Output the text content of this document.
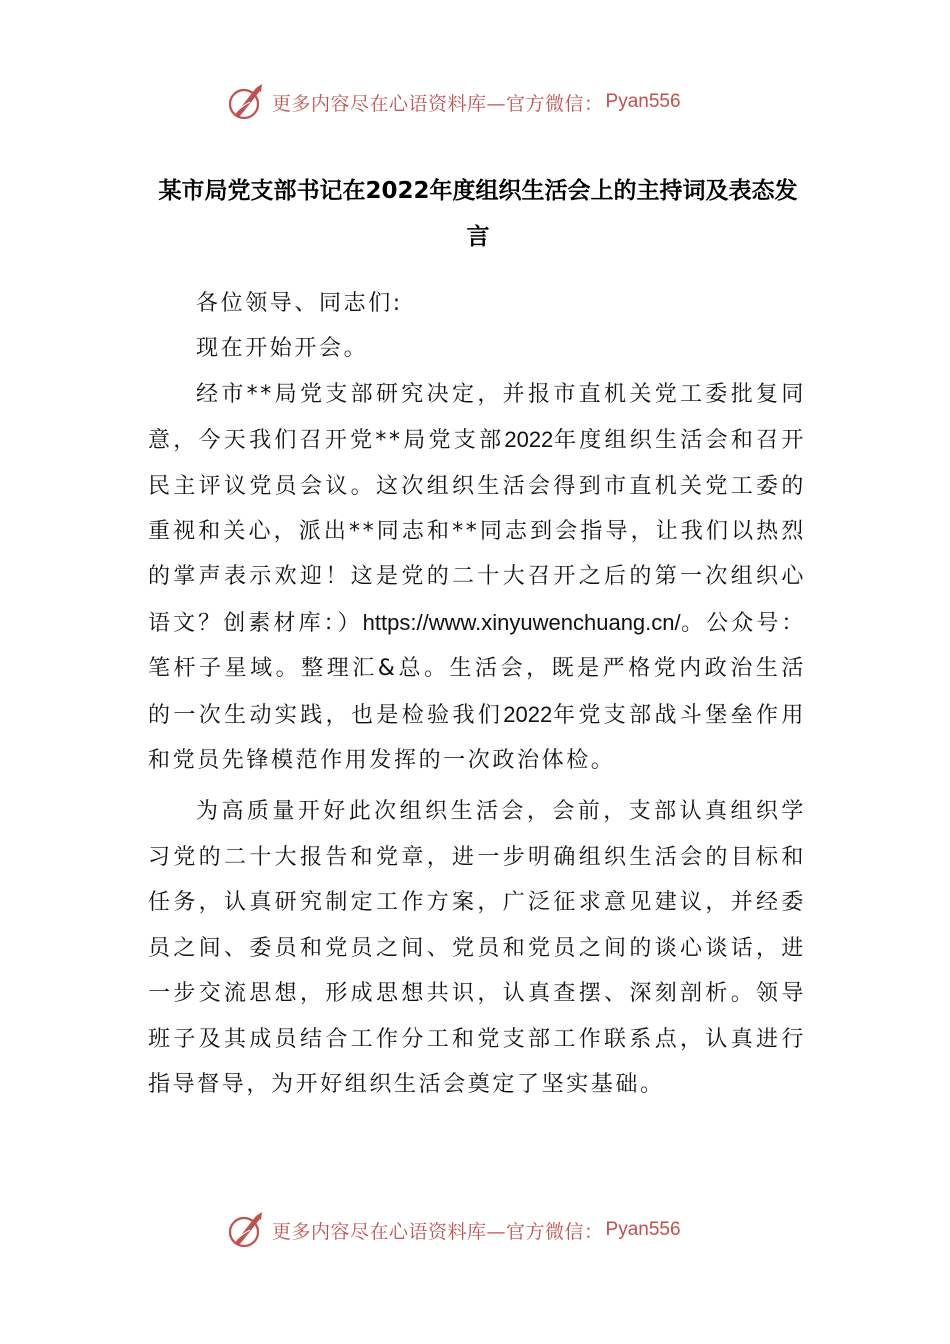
更多内容尽在心语资料库—官方微信： Pyan556
某市局党支部书记在2022年度组织生活会上的主持词及表态发言

各位领导、同志们:

现在开始开会。

经市**局党支部研究决定，并报市直机关党工委批复同意，今天我们召开党**局党支部2022年度组织生活会和召开民主评议党员会议。这次组织生活会得到市直机关党工委的重视和关心，派出**同志和**同志到会指导，让我们以热烈的掌声表示欢迎！这是党的二十大召开之后的第一次组织心语文？创素材库：）https://www.xinyuwenchuang.cn/。公众号：笔杆子星域。整理汇&总。生活会，既是严格党内政治生活的一次生动实践，也是检验我们2022年党支部战斗堡垒作用和党员先锋模范作用发挥的一次政治体检。

为高质量开好此次组织生活会，会前，支部认真组织学习党的二十大报告和党章，进一步明确组织生活会的目标和任务，认真研究制定工作方案，广泛征求意见建议，并经委员之间、委员和党员之间、党员和党员之间的谈心谈话，进一步交流思想，形成思想共识，认真查摆、深刻剖析。领导班子及其成员结合工作分工和党支部工作联系点，认真进行指导督导，为开好组织生活会奠定了坚实基础。

更多内容尽在心语资料库—官方微信： Pyan556
